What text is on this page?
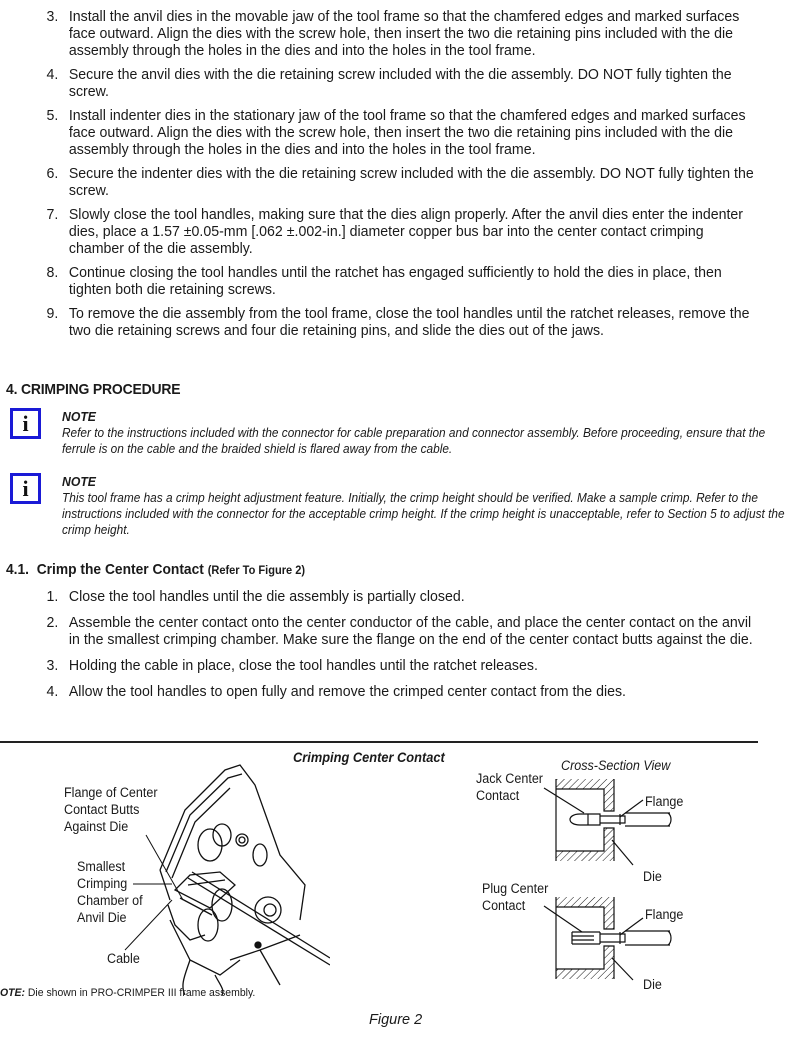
3. Install the anvil dies in the movable jaw of the tool frame so that the chamfered edges and marked surfaces face outward. Align the dies with the screw hole, then insert the two die retaining pins included with the die assembly through the holes in the dies and into the holes in the tool frame.

4. Secure the anvil dies with the die retaining screw included with the die assembly. DO NOT fully tighten the screw.

5. Install indenter dies in the stationary jaw of the tool frame so that the chamfered edges and marked surfaces face outward. Align the dies with the screw hole, then insert the two die retaining pins included with the die assembly through the holes in the dies and into the holes in the tool frame.

6. Secure the indenter dies with the die retaining screw included with the die assembly. DO NOT fully tighten the screw.

7. Slowly close the tool handles, making sure that the dies align properly. After the anvil dies enter the indenter dies, place a 1.57 ±0.05-mm [.062 ±.002-in.] diameter copper bus bar into the center contact crimping chamber of the die assembly.

8. Continue closing the tool handles until the ratchet has engaged sufficiently to hold the dies in place, then tighten both die retaining screws.

9. To remove the die assembly from the tool frame, close the tool handles until the ratchet releases, remove the two die retaining screws and four die retaining pins, and slide the dies out of the jaws.

4. CRIMPING PROCEDURE
i	NOTE
Refer to the instructions included with the connector for cable preparation and connector assembly. Before proceeding, ensure that the ferrule is on the cable and the braided shield is flared away from the cable.
i	NOTE
This tool frame has a crimp height adjustment feature. Initially, the crimp height should be verified. Make a sample crimp. Refer to the instructions included with the connector for the acceptable crimp height. If the crimp height is unacceptable, refer to Section 5 to adjust the crimp height.
4.1. Crimp the Center Contact (Refer To Figure 2)

1. Close the tool handles until the die assembly is partially closed.

2. Assemble the center contact onto the center conductor of the cable, and place the center contact on the anvil in the smallest crimping chamber. Make sure the flange on the end of the center contact butts against the die.

3. Holding the cable in place, close the tool handles until the ratchet releases.

4. Allow the tool handles to open fully and remove the crimped center contact from the dies.

Crimping Center Contact
Flange of Center
Contact Butts
Against Die
Smallest
Crimping
Chamber of
Anvil Die
Cable
Cross-Section View
Jack Center
Contact	Flange
Die
Plug Center
Contact
Flange
Die
OTE: Die shown in PRO-CRIMPER III frame assembly.
Figure 2
